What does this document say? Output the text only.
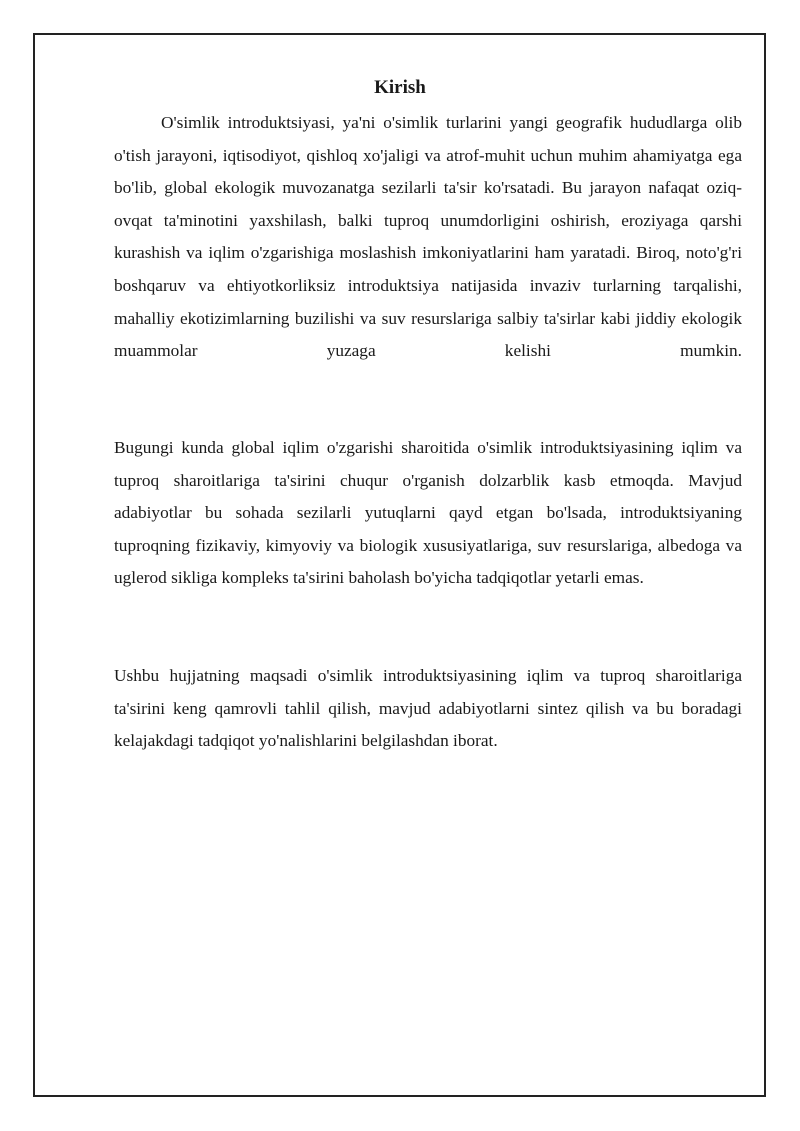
Kirish

O'simlik introduktsiyasi, ya'ni o'simlik turlarini yangi geografik hududlarga olib o'tish jarayoni, iqtisodiyot, qishloq xo'jaligi va atrof-muhit uchun muhim ahamiyatga ega bo'lib, global ekologik muvozanatga sezilarli ta'sir ko'rsatadi. Bu jarayon nafaqat oziq-ovqat ta'minotini yaxshilash, balki tuproq unumdorligini oshirish, eroziyaga qarshi kurashish va iqlim o'zgarishiga moslashish imkoniyatlarini ham yaratadi. Biroq, noto'g'ri boshqaruv va ehtiyotkorliksiz introduktsiya natijasida invaziv turlarning tarqalishi, mahalliy ekotizimlarning buzilishi va suv resurslariga salbiy ta'sirlar kabi jiddiy ekologik muammolar yuzaga kelishi mumkin.

Bugungi kunda global iqlim o'zgarishi sharoitida o'simlik introduktsiyasining iqlim va tuproq sharoitlariga ta'sirini chuqur o'rganish dolzarblik kasb etmoqda. Mavjud adabiyotlar bu sohada sezilarli yutuqlarni qayd etgan bo'lsada, introduktsiyaning tuproqning fizikaviy, kimyoviy va biologik xususiyatlariga, suv resurslariga, albedoga va uglerod sikliga kompleks ta'sirini baholash bo'yicha tadqiqotlar yetarli emas.

Ushbu hujjatning maqsadi o'simlik introduktsiyasining iqlim va tuproq sharoitlariga ta'sirini keng qamrovli tahlil qilish, mavjud adabiyotlarni sintez qilish va bu boradagi kelajakdagi tadqiqot yo'nalishlarini belgilashdan iborat.
